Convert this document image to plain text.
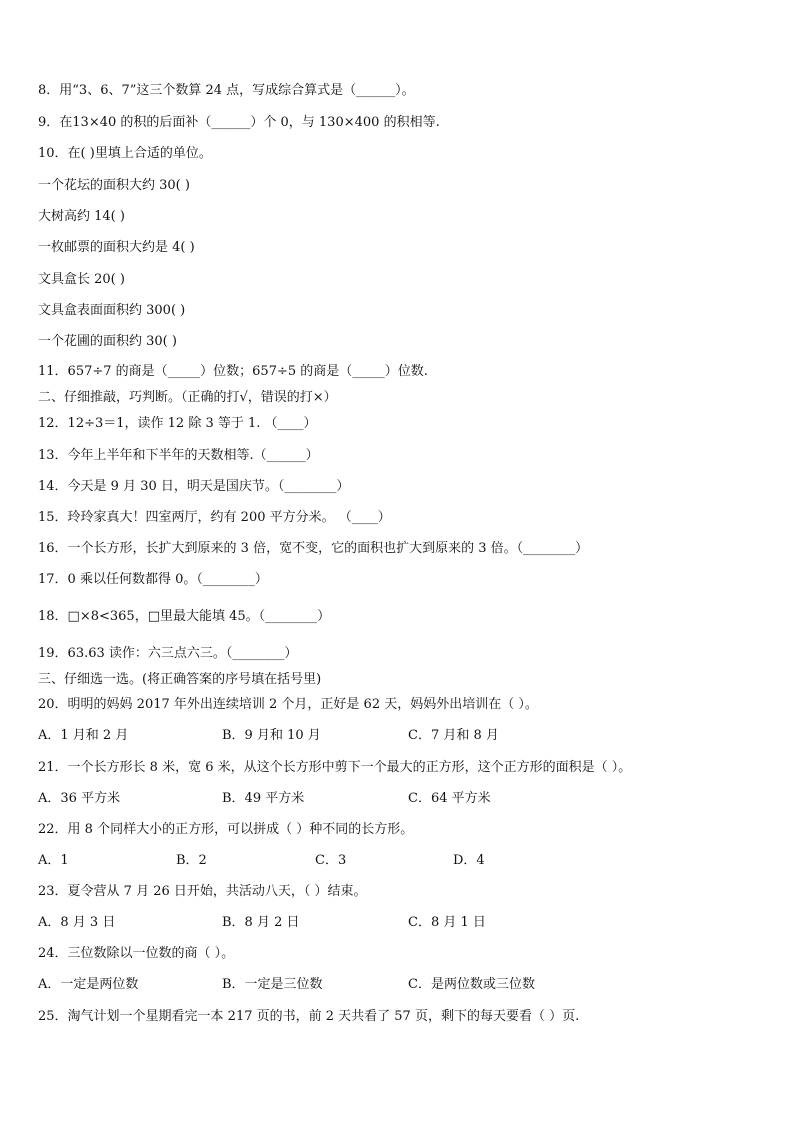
8．用“3、6、7”这三个数算 24 点，写成综合算式是（______）。
9．在13×40 的积的后面补（______）个 0，与 130×400 的积相等.
10．在( )里填上合适的单位。
一个花坛的面积大约 30( )
大树高约 14( )
一枚邮票的面积大约是 4( )
文具盒长 20( )
文具盒表面面积约 300( )
一个花圃的面积约 30( )
11．657÷7 的商是（_____）位数；657÷5 的商是（_____）位数.
二、仔细推敲，巧判断。（正确的打√，错误的打×）
12．12÷3＝1，读作 12 除 3 等于 1. （____）
13．今年上半年和下半年的天数相等.（______）
14．今天是 9 月 30 日，明天是国庆节。（________）
15．玲玲家真大！四室两厅，约有 200 平方分米。 （____）
16．一个长方形，长扩大到原来的 3 倍，宽不变，它的面积也扩大到原来的 3 倍。（________）
17．0 乘以任何数都得 0。（________）
18．□×8<365，□里最大能填 45。（________）
19．63.63 读作：六三点六三。（________）
三、仔细选一选。(将正确答案的序号填在括号里)
20．明明的妈妈 2017 年外出连续培训 2 个月，正好是 62 天，妈妈外出培训在（ ）。
A．1 月和 2 月	B．9 月和 10 月	C．7 月和 8 月
21．一个长方形长 8 米，宽 6 米，从这个长方形中剪下一个最大的正方形，这个正方形的面积是（ ）。
A．36 平方米	B．49 平方米	C．64 平方米
22．用 8 个同样大小的正方形，可以拼成（ ）种不同的长方形。
A．1	B．2	C．3	D．4
23．夏令营从 7 月 26 日开始，共活动八天，（ ）结束。
A．8 月 3 日	B．8 月 2 日	C．8 月 1 日
24．三位数除以一位数的商（ ）。
A．一定是两位数	B．一定是三位数	C．是两位数或三位数
25．淘气计划一个星期看完一本 217 页的书，前 2 天共看了 57 页，剩下的每天要看（ ）页.
